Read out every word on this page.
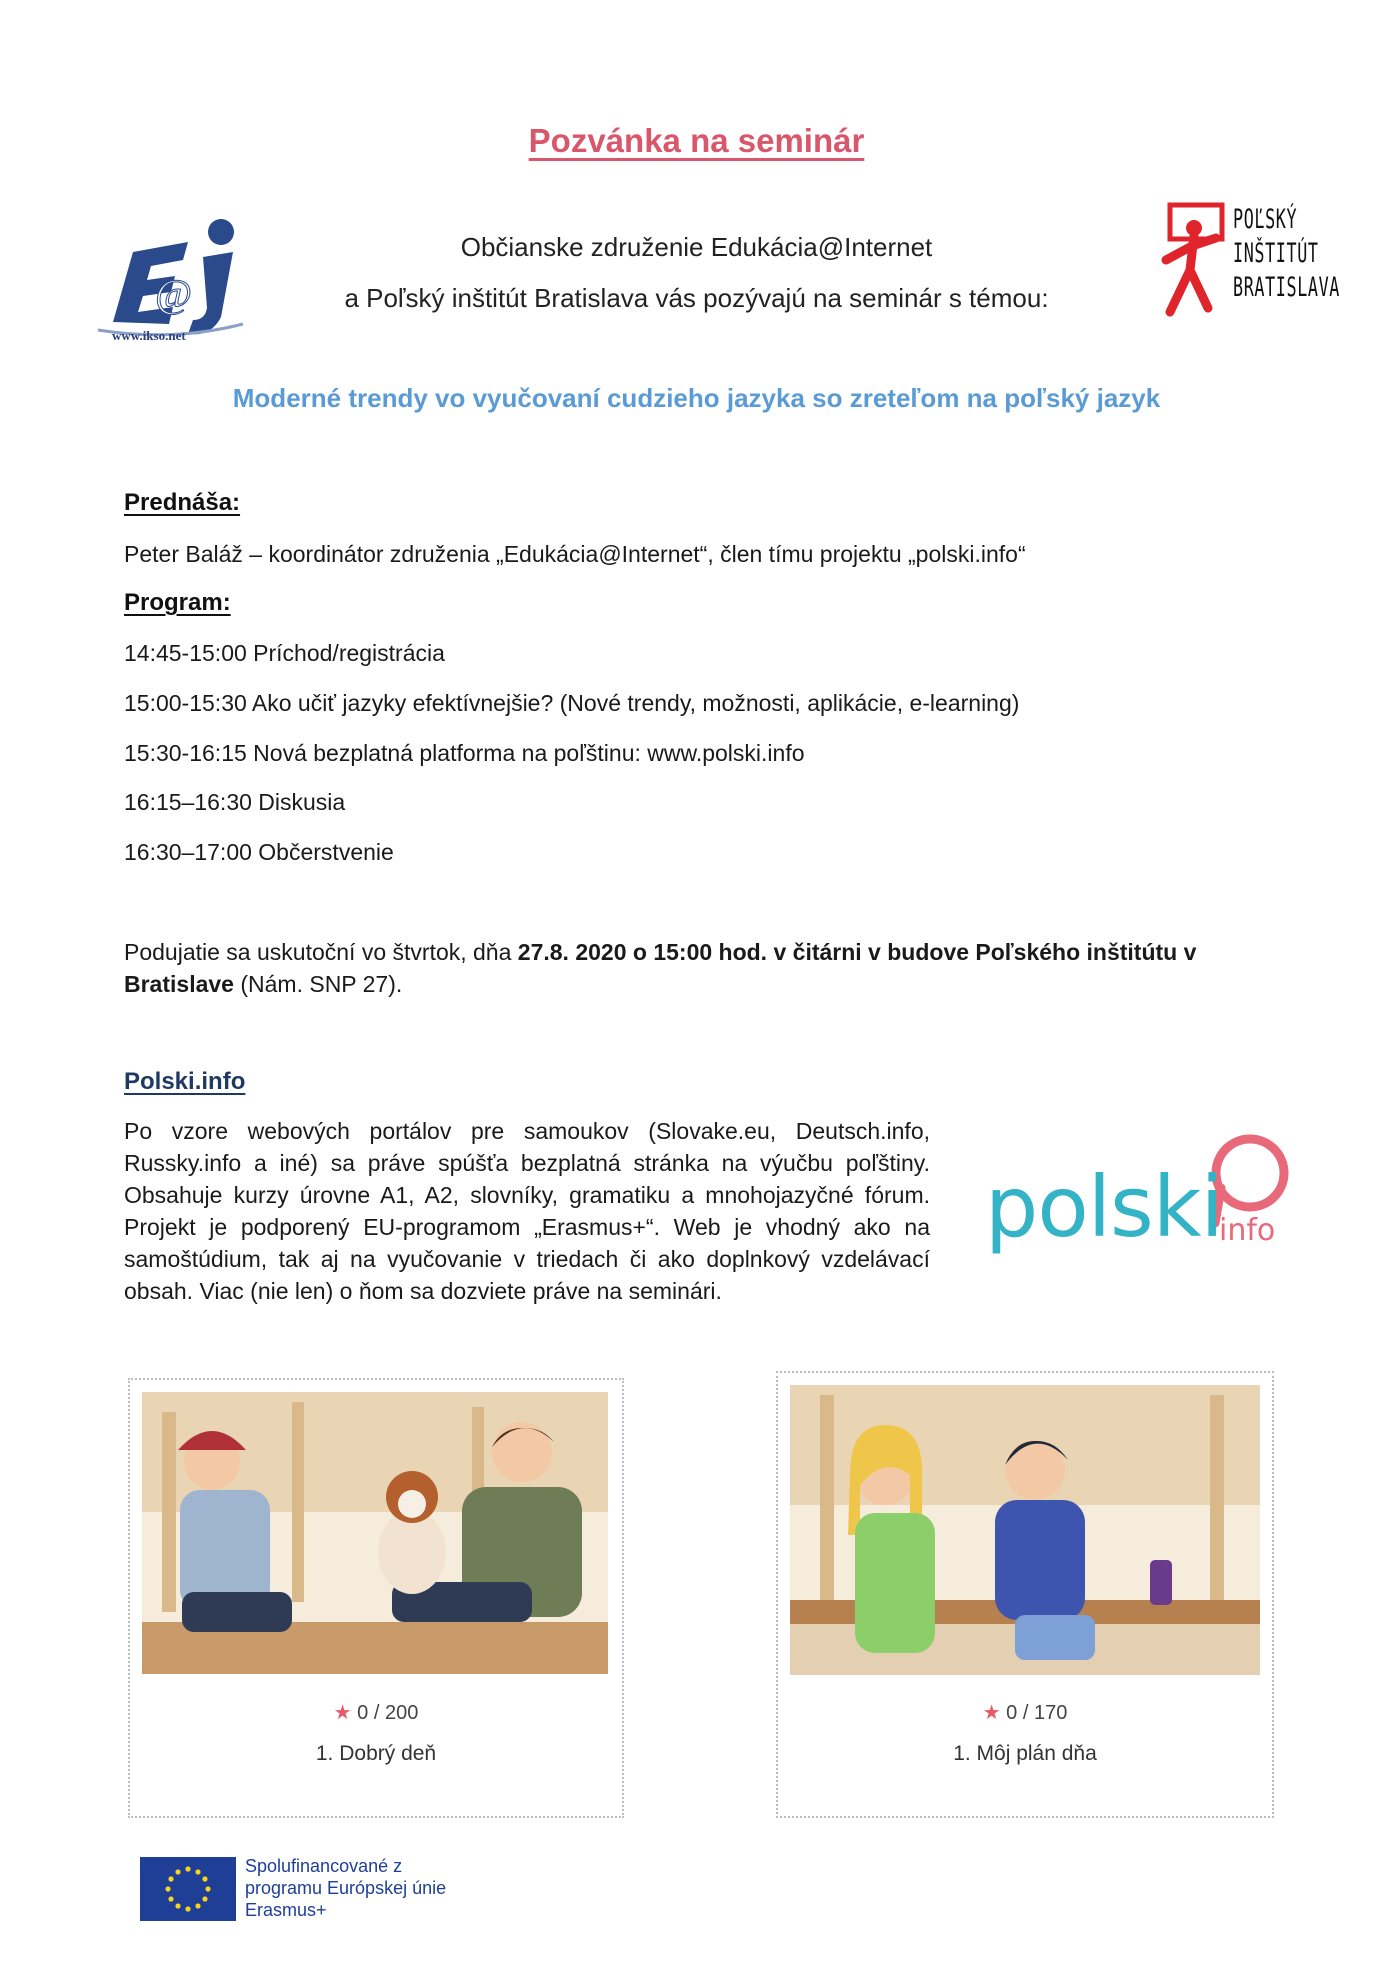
Pozvánka na seminár
@
www.ikso.net
Občianske združenie Edukácia@Internet
a Poľský inštitút Bratislava vás pozývajú na seminár s témou:
POĽSKÝ
INŠTITÚT
BRATISLAVA
Moderné trendy vo vyučovaní cudzieho jazyka so zreteľom na poľský jazyk
Prednáša:
Peter Baláž – koordinátor združenia „Edukácia@Internet“, člen tímu projektu „polski.info“
Program:
14:45-15:00 Príchod/registrácia
15:00-15:30 Ako učiť jazyky efektívnejšie? (Nové trendy, možnosti, aplikácie, e-learning)
15:30-16:15 Nová bezplatná platforma na poľštinu: www.polski.info
16:15–16:30 Diskusia
16:30–17:00 Občerstvenie
Podujatie sa uskutoční vo štvrtok, dňa 27.8. 2020 o 15:00 hod. v čitárni v budove Poľského inštitútu v Bratislave (Nám. SNP 27).
Polski.info
Po vzore webových portálov pre samoukov (Slovake.eu, Deutsch.info, Russky.info a iné) sa práve spúšťa bezplatná stránka na výučbu poľštiny. Obsahuje kurzy úrovne A1, A2, slovníky, gramatiku a mnohojazyčné fórum. Projekt je podporený EU-programom „Erasmus+“. Web je vhodný ako na samoštúdium, tak aj na vyučovanie v triedach či ako doplnkový vzdelávací obsah. Viac (nie len) o ňom sa dozviete práve na seminári.
polski
info
★ 0 / 200
1. Dobrý deň
★ 0 / 170
1. Môj plán dňa
Spolufinancované z
programu Európskej únie
Erasmus+
